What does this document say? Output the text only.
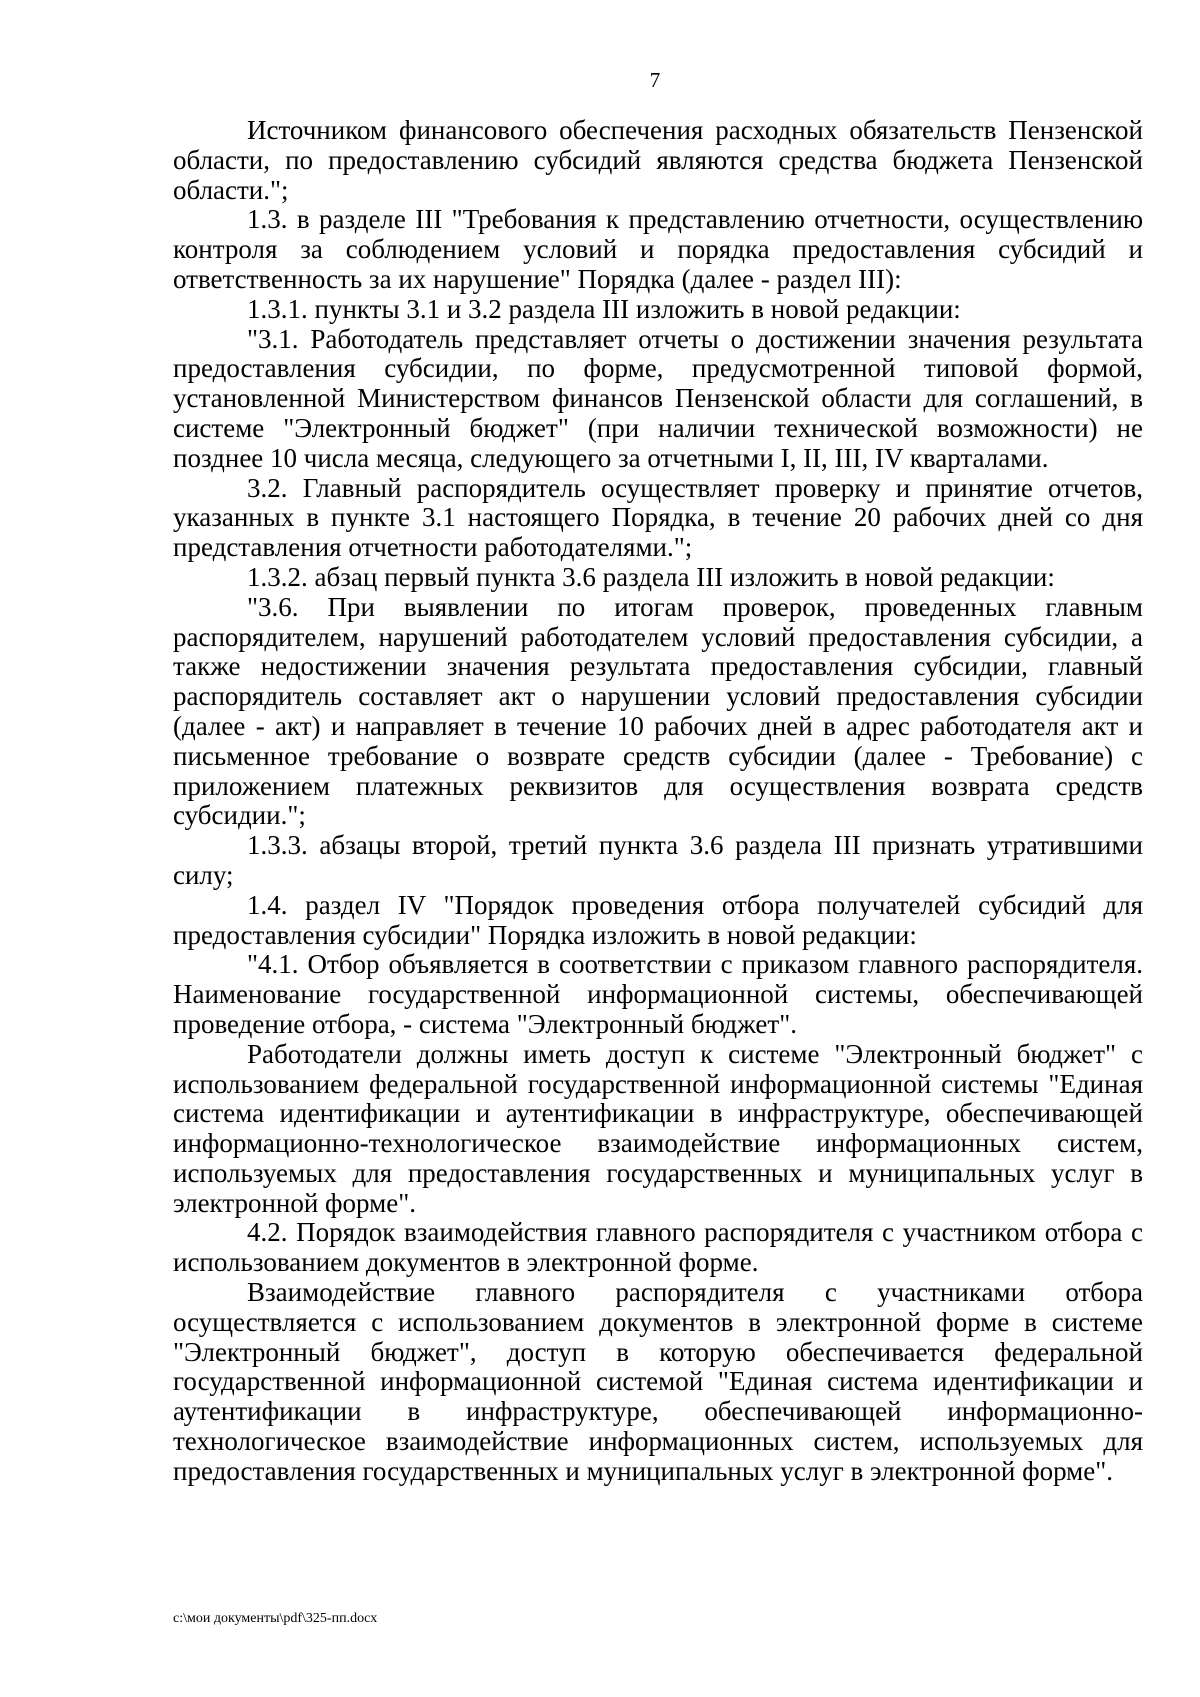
7

Источником финансового обеспечения расходных обязательств Пензенской области, по предоставлению субсидий являются средства бюджета Пензенской области.";

1.3. в разделе III "Требования к представлению отчетности, осуществлению контроля за соблюдением условий и порядка предоставления субсидий и ответственность за их нарушение" Порядка (далее - раздел III):

1.3.1. пункты 3.1 и 3.2 раздела III изложить в новой редакции:

"3.1. Работодатель представляет отчеты о достижении значения результата предоставления субсидии, по форме, предусмотренной типовой формой, установленной Министерством финансов Пензенской области для соглашений, в системе "Электронный бюджет" (при наличии технической возможности) не позднее 10 числа месяца, следующего за отчетными I, II, III, IV кварталами.

3.2. Главный распорядитель осуществляет проверку и принятие отчетов, указанных в пункте 3.1 настоящего Порядка, в течение 20 рабочих дней со дня представления отчетности работодателями.";

1.3.2. абзац первый пункта 3.6 раздела III изложить в новой редакции:

"3.6. При выявлении по итогам проверок, проведенных главным распорядителем, нарушений работодателем условий предоставления субсидии, а также недостижении значения результата предоставления субсидии, главный распорядитель составляет акт о нарушении условий предоставления субсидии (далее - акт) и направляет в течение 10 рабочих дней в адрес работодателя акт и письменное требование о возврате средств субсидии (далее - Требование) с приложением платежных реквизитов для осуществления возврата средств субсидии.";

1.3.3. абзацы второй, третий пункта 3.6 раздела III признать утратившими силу;

1.4. раздел IV "Порядок проведения отбора получателей субсидий для предоставления субсидии" Порядка изложить в новой редакции:

"4.1. Отбор объявляется в соответствии с приказом главного распорядителя. Наименование государственной информационной системы, обеспечивающей проведение отбора, - система "Электронный бюджет".

Работодатели должны иметь доступ к системе "Электронный бюджет" с использованием федеральной государственной информационной системы "Единая система идентификации и аутентификации в инфраструктуре, обеспечивающей информационно-технологическое взаимодействие информационных систем, используемых для предоставления государственных и муниципальных услуг в электронной форме".

4.2. Порядок взаимодействия главного распорядителя с участником отбора с использованием документов в электронной форме.

Взаимодействие главного распорядителя с участниками отбора осуществляется с использованием документов в электронной форме в системе "Электронный бюджет", доступ в которую обеспечивается федеральной государственной информационной системой "Единая система идентификации и аутентификации в инфраструктуре, обеспечивающей информационно-технологическое взаимодействие информационных систем, используемых для предоставления государственных и муниципальных услуг в электронной форме".

c:\мои документы\pdf\325-пп.docx
